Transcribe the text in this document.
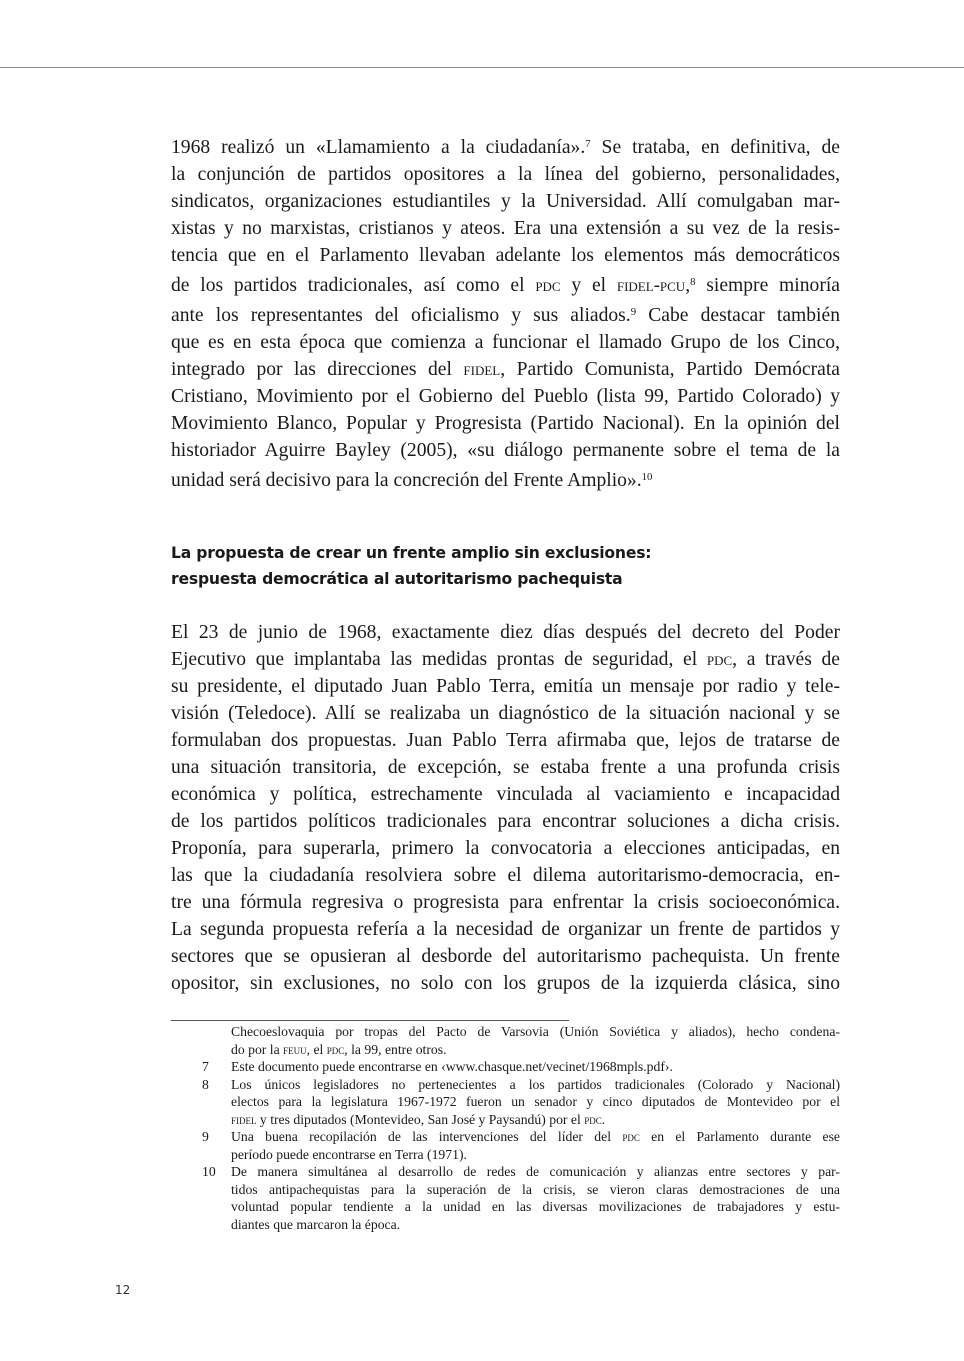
1968 realizó un «Llamamiento a la ciudadanía».$^7$ Se trataba, en definitiva, de
la conjunción de partidos opositores a la línea del gobierno, personalidades,
sindicatos, organizaciones estudiantiles y la Universidad. Allí comulgaban mar-
xistas y no marxistas, cristianos y ateos. Era una extensión a su vez de la resis-
tencia que en el Parlamento llevaban adelante los elementos más democráticos
de los partidos tradicionales, así como el pdc y el fidel-pcu,$^8$ siempre minoría
ante los representantes del oficialismo y sus aliados.$^9$ Cabe destacar también
que es en esta época que comienza a funcionar el llamado Grupo de los Cinco,
integrado por las direcciones del fidel, Partido Comunista, Partido Demócrata
Cristiano, Movimiento por el Gobierno del Pueblo (lista 99, Partido Colorado) y
Movimiento Blanco, Popular y Progresista (Partido Nacional). En la opinión del
historiador Aguirre Bayley (2005), «su diálogo permanente sobre el tema de la
unidad será decisivo para la concreción del Frente Amplio».$^{10}$
La propuesta de crear un frente amplio sin exclusiones:
respuesta democrática al autoritarismo pachequista
El 23 de junio de 1968, exactamente diez días después del decreto del Poder
Ejecutivo que implantaba las medidas prontas de seguridad, el pdc, a través de
su presidente, el diputado Juan Pablo Terra, emitía un mensaje por radio y tele-
visión (Teledoce). Allí se realizaba un diagnóstico de la situación nacional y se
formulaban dos propuestas. Juan Pablo Terra afirmaba que, lejos de tratarse de
una situación transitoria, de excepción, se estaba frente a una profunda crisis
económica y política, estrechamente vinculada al vaciamiento e incapacidad
de los partidos políticos tradicionales para encontrar soluciones a dicha crisis.
Proponía, para superarla, primero la convocatoria a elecciones anticipadas, en
las que la ciudadanía resolviera sobre el dilema autoritarismo-democracia, en-
tre una fórmula regresiva o progresista para enfrentar la crisis socioeconómica.
La segunda propuesta refería a la necesidad de organizar un frente de partidos y
sectores que se opusieran al desborde del autoritarismo pachequista. Un frente
opositor, sin exclusiones, no solo con los grupos de la izquierda clásica, sino
Checoeslovaquia por tropas del Pacto de Varsovia (Unión Soviética y aliados), hecho condena-
do por la feuu, el pdc, la 99, entre otros.
7 Este documento puede encontrarse en ‹www.chasque.net/vecinet/1968mpls.pdf›.
8 Los únicos legisladores no pertenecientes a los partidos tradicionales (Colorado y Nacional)
electos para la legislatura 1967-1972 fueron un senador y cinco diputados de Montevideo por el
fidel y tres diputados (Montevideo, San José y Paysandú) por el pdc.
9 Una buena recopilación de las intervenciones del líder del pdc en el Parlamento durante ese
período puede encontrarse en Terra (1971).
10 De manera simultánea al desarrollo de redes de comunicación y alianzas entre sectores y par-
tidos antipachequistas para la superación de la crisis, se vieron claras demostraciones de una
voluntad popular tendiente a la unidad en las diversas movilizaciones de trabajadores y estu-
diantes que marcaron la época.
12
